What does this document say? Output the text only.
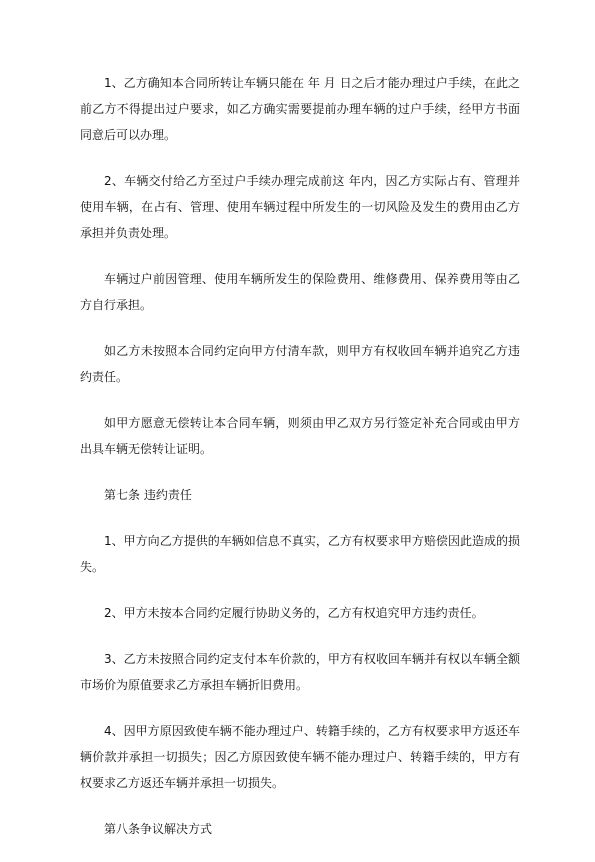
1、乙方确知本合同所转让车辆只能在 年 月 日之后才能办理过户手续，在此之前乙方不得提出过户要求，如乙方确实需要提前办理车辆的过户手续，经甲方书面同意后可以办理。

2、车辆交付给乙方至过户手续办理完成前这 年内，因乙方实际占有、管理并使用车辆，在占有、管理、使用车辆过程中所发生的一切风险及发生的费用由乙方承担并负责处理。

车辆过户前因管理、使用车辆所发生的保险费用、维修费用、保养费用等由乙方自行承担。

如乙方未按照本合同约定向甲方付清车款，则甲方有权收回车辆并追究乙方违约责任。

如甲方愿意无偿转让本合同车辆，则须由甲乙双方另行签定补充合同或由甲方出具车辆无偿转让证明。

第七条 违约责任

1、甲方向乙方提供的车辆如信息不真实，乙方有权要求甲方赔偿因此造成的损失。

2、甲方未按本合同约定履行协助义务的，乙方有权追究甲方违约责任。

3、乙方未按照合同约定支付本车价款的，甲方有权收回车辆并有权以车辆全额市场价为原值要求乙方承担车辆折旧费用。

4、因甲方原因致使车辆不能办理过户、转籍手续的，乙方有权要求甲方返还车辆价款并承担一切损失；因乙方原因致使车辆不能办理过户、转籍手续的，甲方有权要求乙方返还车辆并承担一切损失。

第八条争议解决方式
